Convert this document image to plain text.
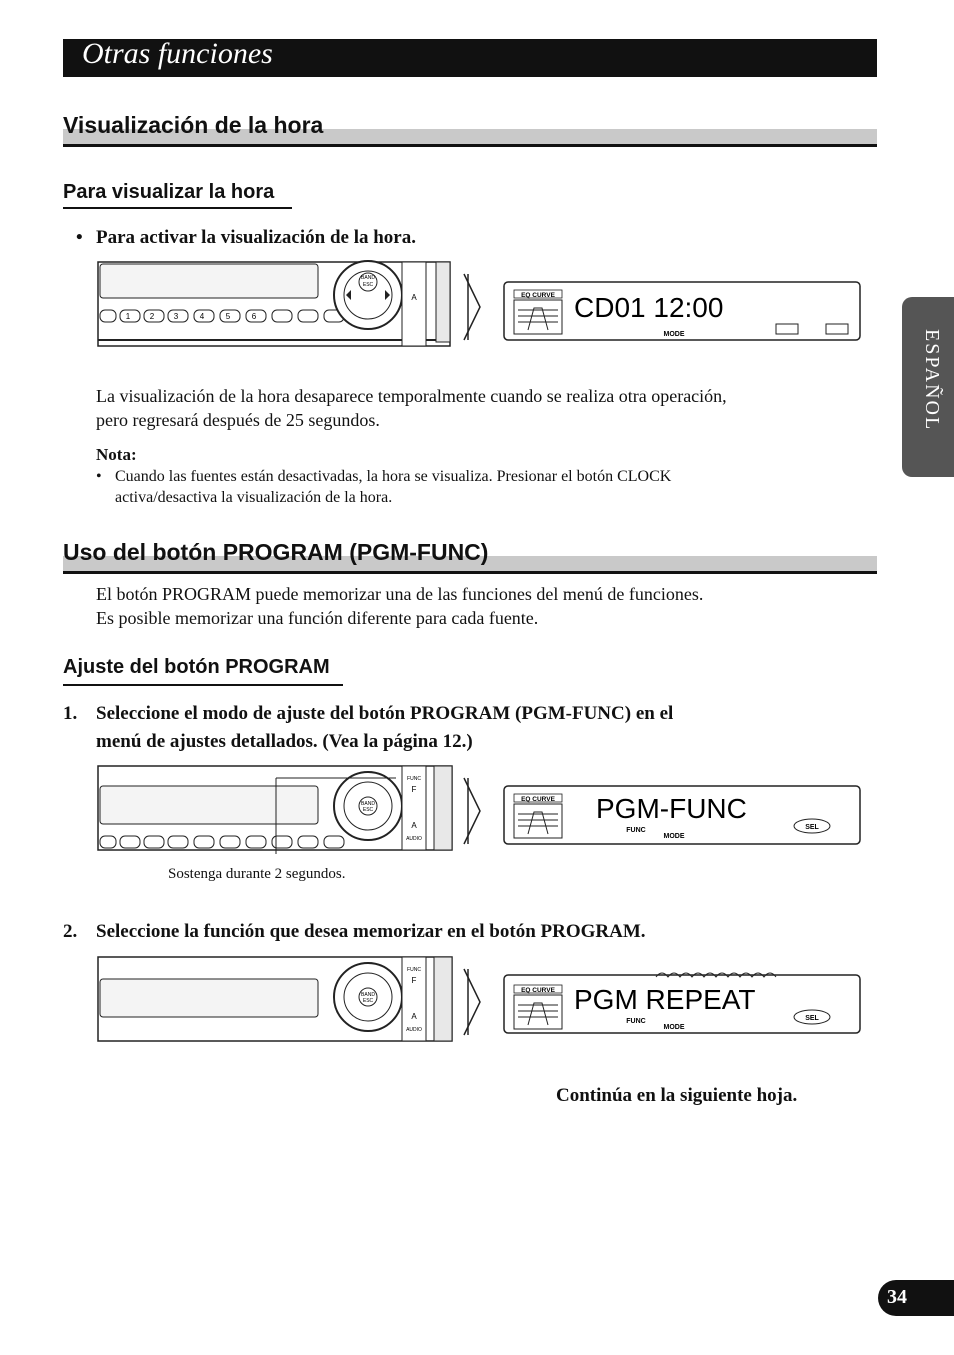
Otras funciones
ESPAÑOL
Visualización de la hora
Para visualizar la hora
• Para activar la visualización de la hora.
1 2 3	4	5	6
BAND
ESC
A	EQ CURVE CD01 12:00
MODE
La visualización de la hora desaparece temporalmente cuando se realiza otra operación,
pero regresará después de 25 segundos.
Nota:
• Cuando las fuentes están desactivadas, la hora se visualiza. Presionar el botón CLOCK
activa/desactiva la visualización de la hora.
Uso del botón PROGRAM (PGM-FUNC)
El botón PROGRAM puede memorizar una de las funciones del menú de funciones.
Es posible memorizar una función diferente para cada fuente.
Ajuste del botón PROGRAM
1. Seleccione el modo de ajuste del botón PROGRAM (PGM-FUNC) en el
menú de ajustes detallados. (Vea la página 12.)
BAND
ESC
FUNC
F
A
AUDIO
EQ CURVE PGM-FUNC
FUNC
MODE
SEL
Sostenga durante 2 segundos.
2. Seleccione la función que desea memorizar en el botón PROGRAM.
BAND
ESC
FUNC
F
A
AUDIO
EQ CURVE PGM REPEAT
FUNC
MODE
SEL
Continúa en la siguiente hoja.
34
